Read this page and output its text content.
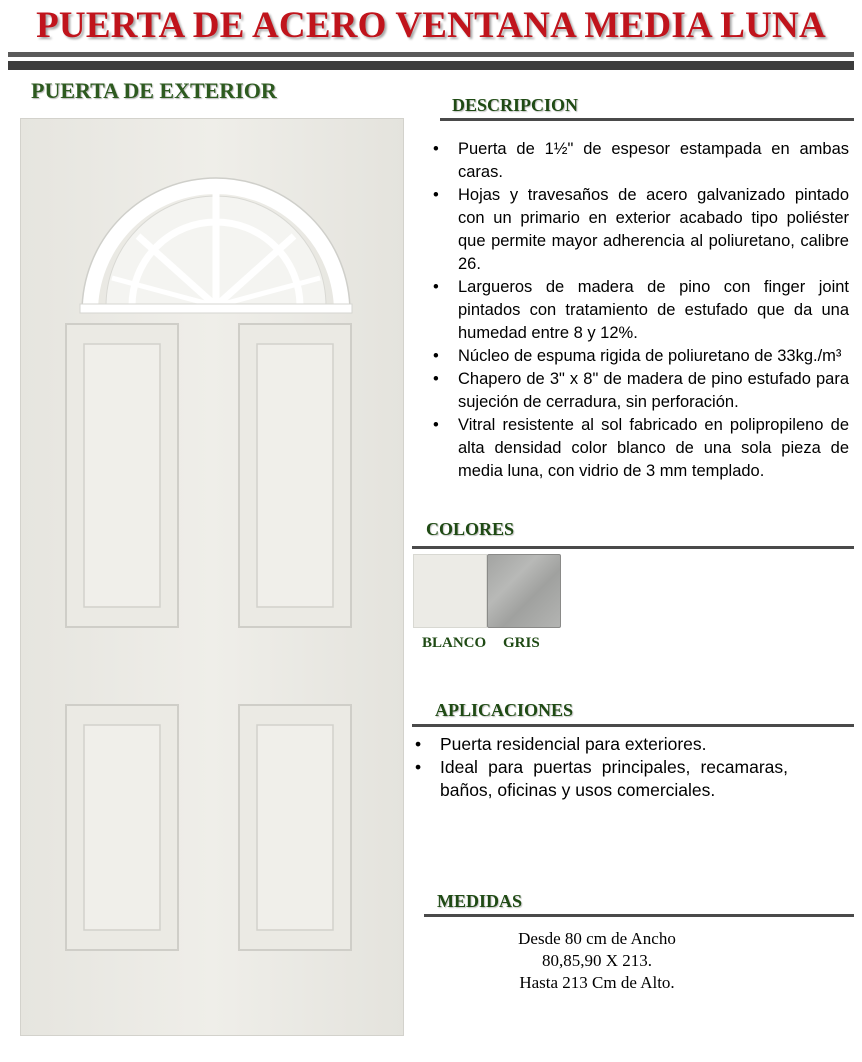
PUERTA DE ACERO VENTANA MEDIA LUNA
PUERTA DE EXTERIOR
DESCRIPCION
• Puerta de 1½" de espesor estampada en ambas caras.
• Hojas y travesaños de acero galvanizado pintado con un primario en exterior acabado tipo poliéster que permite mayor adherencia al poliuretano, calibre 26.
• Largueros de madera de pino con finger joint pintados con tratamiento de estufado que da una humedad entre 8 y 12%.
• Núcleo de espuma rigida de poliuretano de 33kg./m³
• Chapero de 3" x 8" de madera de pino estufado para sujeción de cerradura, sin perforación.
• Vitral resistente al sol fabricado en polipropileno de alta densidad color blanco de una sola pieza de media luna, con vidrio de 3 mm templado.
COLORES
BLANCO GRIS
APLICACIONES
• Puerta residencial para exteriores.
• Ideal para puertas principales, recamaras, baños, oficinas y usos comerciales.
MEDIDAS
Desde 80 cm de Ancho
80,85,90 X 213.
Hasta 213 Cm de Alto.
